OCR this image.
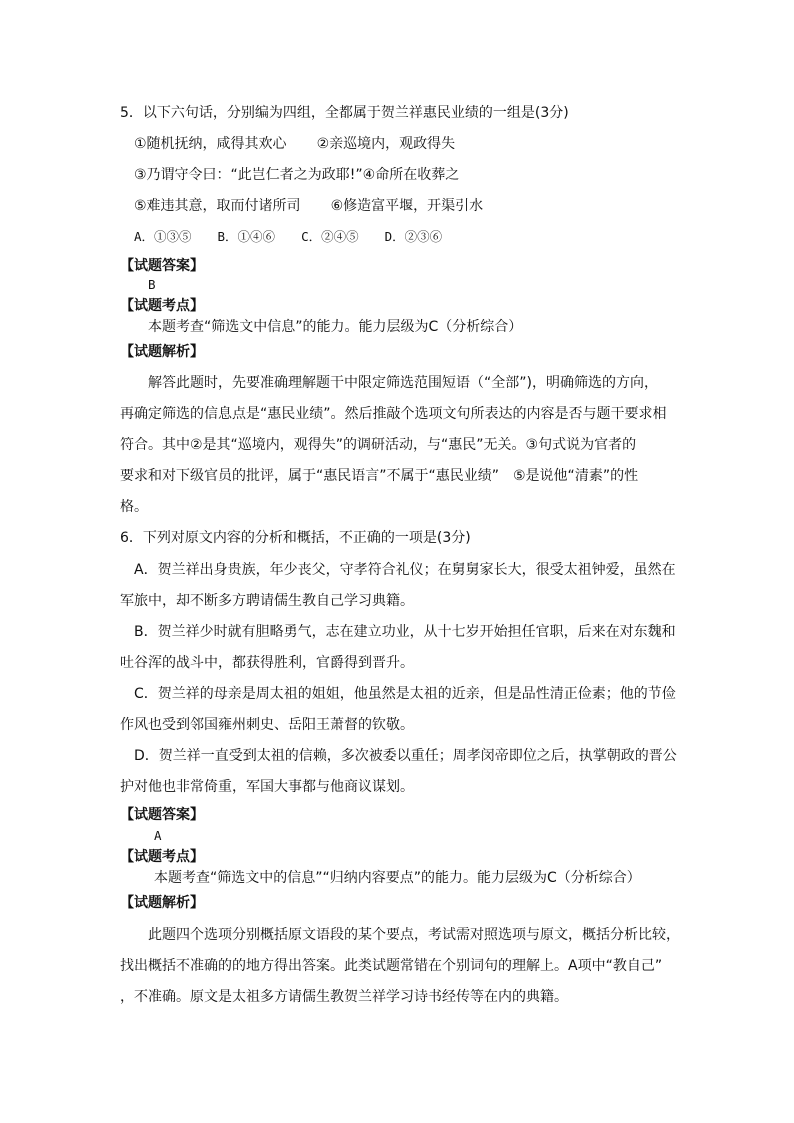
5．以下六句话，分别编为四组，全都属于贺兰祥惠民业绩的一组是(3分)
①随机抚纳，咸得其欢心 ②亲巡境内，观政得失
③乃谓守令曰：“此岂仁者之为政耶!”④命所在收葬之
⑤难违其意，取而付诸所司 ⑥修造富平堰，开渠引水
A．①③⑤ B．①④⑥ C．②④⑤ D．②③⑥
【试题答案】
B
【试题考点】
本题考查“筛选文中信息”的能力。能力层级为C（分析综合）
【试题解析】
解答此题时，先要准确理解题干中限定筛选范围短语（“全部”)，明确筛选的方向，
再确定筛选的信息点是“惠民业绩”。然后推敲个选项文句所表达的内容是否与题干要求相
符合。其中②是其“巡境内，观得失”的调研活动，与“惠民”无关。③句式说为官者的
要求和对下级官员的批评，属于“惠民语言”不属于“惠民业绩”　⑤是说他“清素”的性
格。
6．下列对原文内容的分析和概括，不正确的一项是(3分)
A．贺兰祥出身贵族，年少丧父，守孝符合礼仪；在舅舅家长大，很受太祖钟爱，虽然在
军旅中，却不断多方聘请儒生教自己学习典籍。
B．贺兰祥少时就有胆略勇气，志在建立功业，从十七岁开始担任官职，后来在对东魏和
吐谷浑的战斗中，都获得胜利，官爵得到晋升。
C．贺兰祥的母亲是周太祖的姐姐，他虽然是太祖的近亲，但是品性清正俭素；他的节俭
作风也受到邻国雍州刺史、岳阳王萧督的钦敬。
D．贺兰祥一直受到太祖的信赖，多次被委以重任；周孝闵帝即位之后，执掌朝政的晋公
护对他也非常倚重，军国大事都与他商议谋划。
【试题答案】
A
【试题考点】
本题考查“筛选文中的信息”“归纳内容要点”的能力。能力层级为C（分析综合）
【试题解析】
此题四个选项分别概括原文语段的某个要点，考试需对照选项与原文，概括分析比较，
找出概括不准确的的地方得出答案。此类试题常错在个别词句的理解上。A项中“教自己”
，不准确。原文是太祖多方请儒生教贺兰祥学习诗书经传等在内的典籍。
